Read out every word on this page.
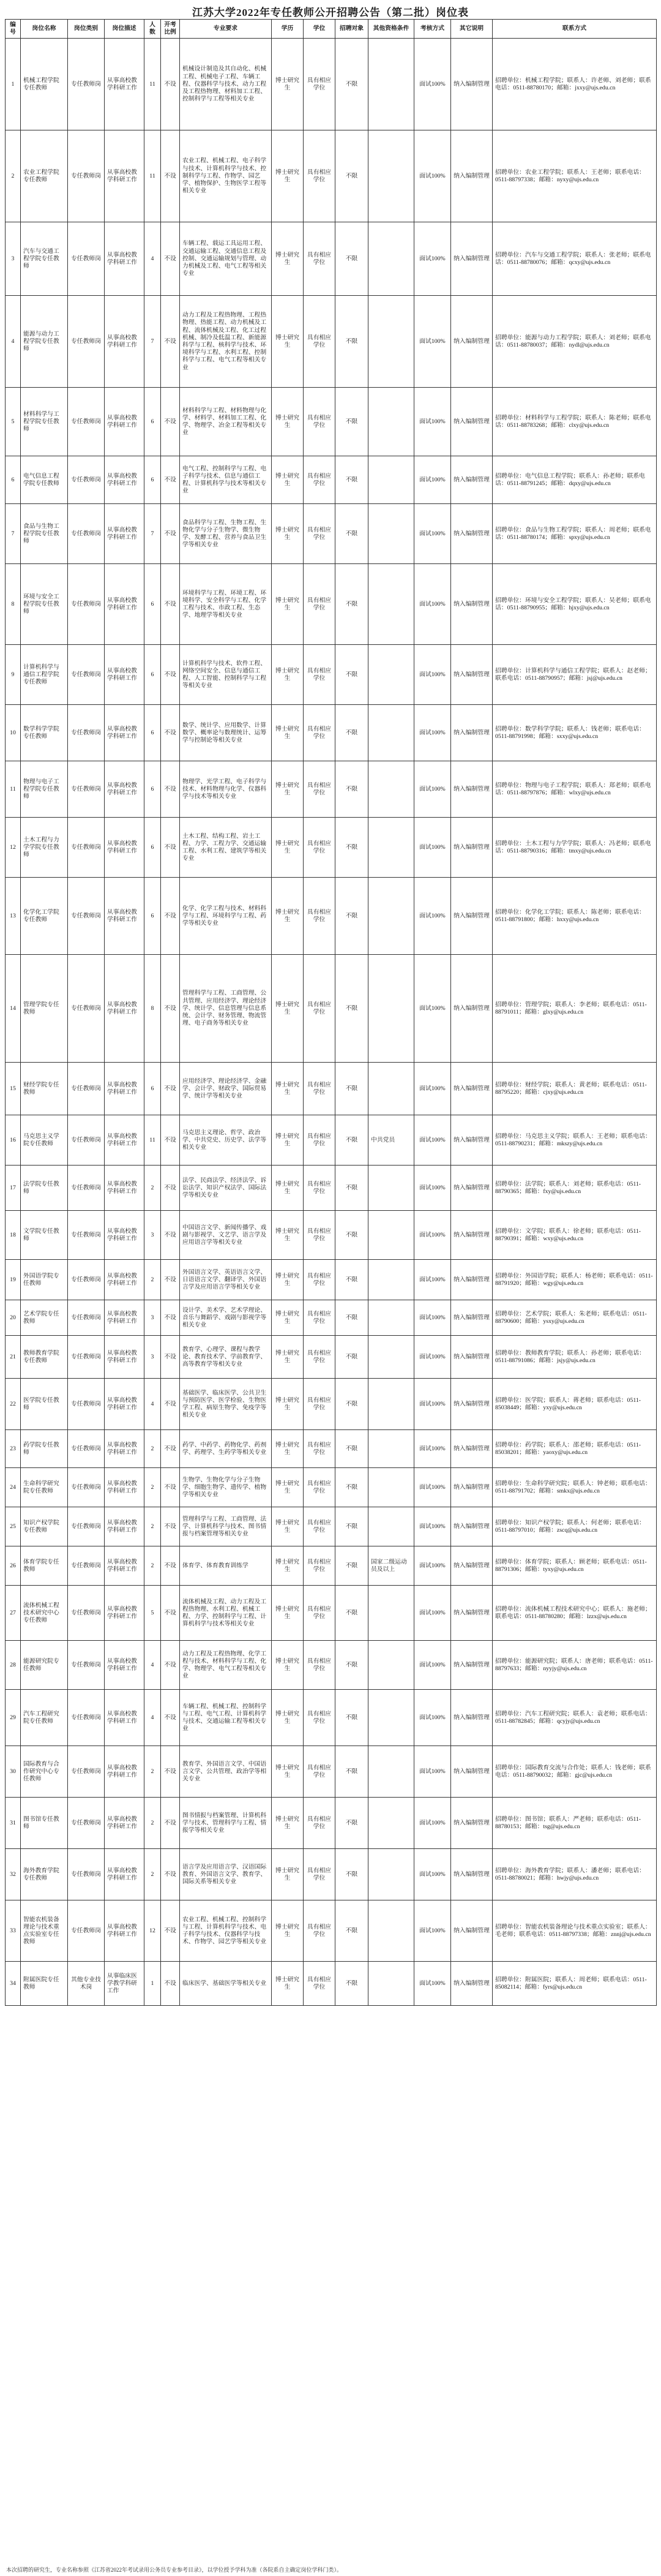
江苏大学2022年专任教师公开招聘公告（第二批）岗位表
编号	岗位名称	岗位类别	岗位描述	人数	开考比例	专业要求	学历	学位	招聘对象	其他资格条件	考核方式	其它说明	联系方式
1	机械工程学院专任教师	专任教师岗	从事高校教学科研工作	11	不设	机械设计制造及其自动化、机械工程、机械电子工程、车辆工程、仪器科学与技术、动力工程及工程热物理、材料加工工程、控制科学与工程等相关专业	博士研究生	具有相应学位	不限		面试100%	纳入编制管理	招聘单位：机械工程学院；联系人：许老师、刘老师；联系电话：0511-88780170；邮箱：jxxy@ujs.edu.cn
2	农业工程学院专任教师	专任教师岗	从事高校教学科研工作	11	不设	农业工程、机械工程、电子科学与技术、计算机科学与技术、控制科学与工程、作物学、园艺学、植物保护、生物医学工程等相关专业	博士研究生	具有相应学位	不限		面试100%	纳入编制管理	招聘单位：农业工程学院；联系人：王老师；联系电话：0511-88797338；邮箱：nyxy@ujs.edu.cn
3	汽车与交通工程学院专任教师	专任教师岗	从事高校教学科研工作	4	不设	车辆工程、载运工具运用工程、交通运输工程、交通信息工程及控制、交通运输规划与管理、动力机械及工程、电气工程等相关专业	博士研究生	具有相应学位	不限		面试100%	纳入编制管理	招聘单位：汽车与交通工程学院；联系人：张老师；联系电话：0511-88780076；邮箱：qcxy@ujs.edu.cn
4	能源与动力工程学院专任教师	专任教师岗	从事高校教学科研工作	7	不设	动力工程及工程热物理、工程热物理、热能工程、动力机械及工程、流体机械及工程、化工过程机械、制冷及低温工程、新能源科学与工程、核科学与技术、环境科学与工程、水利工程、控制科学与工程、电气工程等相关专业	博士研究生	具有相应学位	不限		面试100%	纳入编制管理	招聘单位：能源与动力工程学院；联系人：刘老师；联系电话：0511-88780037；邮箱：nydl@ujs.edu.cn
5	材料科学与工程学院专任教师	专任教师岗	从事高校教学科研工作	6	不设	材料科学与工程、材料物理与化学、材料学、材料加工工程、化学、物理学、冶金工程等相关专业	博士研究生	具有相应学位	不限		面试100%	纳入编制管理	招聘单位：材料科学与工程学院；联系人：陈老师；联系电话：0511-88783268；邮箱：clxy@ujs.edu.cn
6	电气信息工程学院专任教师	专任教师岗	从事高校教学科研工作	6	不设	电气工程、控制科学与工程、电子科学与技术、信息与通信工程、计算机科学与技术等相关专业	博士研究生	具有相应学位	不限		面试100%	纳入编制管理	招聘单位：电气信息工程学院；联系人：孙老师；联系电话：0511-88791245；邮箱：dqxy@ujs.edu.cn
7	食品与生物工程学院专任教师	专任教师岗	从事高校教学科研工作	7	不设	食品科学与工程、生物工程、生物化学与分子生物学、微生物学、发酵工程、营养与食品卫生学等相关专业	博士研究生	具有相应学位	不限		面试100%	纳入编制管理	招聘单位：食品与生物工程学院；联系人：周老师；联系电话：0511-88780174；邮箱：spxy@ujs.edu.cn
8	环境与安全工程学院专任教师	专任教师岗	从事高校教学科研工作	6	不设	环境科学与工程、环境工程、环境科学、安全科学与工程、化学工程与技术、市政工程、生态学、地理学等相关专业	博士研究生	具有相应学位	不限		面试100%	纳入编制管理	招聘单位：环境与安全工程学院；联系人：吴老师；联系电话：0511-88790955；邮箱：hjxy@ujs.edu.cn
9	计算机科学与通信工程学院专任教师	专任教师岗	从事高校教学科研工作	6	不设	计算机科学与技术、软件工程、网络空间安全、信息与通信工程、人工智能、控制科学与工程等相关专业	博士研究生	具有相应学位	不限		面试100%	纳入编制管理	招聘单位：计算机科学与通信工程学院；联系人：赵老师；联系电话：0511-88790957；邮箱：jsj@ujs.edu.cn
10	数学科学学院专任教师	专任教师岗	从事高校教学科研工作	6	不设	数学、统计学、应用数学、计算数学、概率论与数理统计、运筹学与控制论等相关专业	博士研究生	具有相应学位	不限		面试100%	纳入编制管理	招聘单位：数学科学学院；联系人：钱老师；联系电话：0511-88791998；邮箱：sxxy@ujs.edu.cn
11	物理与电子工程学院专任教师	专任教师岗	从事高校教学科研工作	6	不设	物理学、光学工程、电子科学与技术、材料物理与化学、仪器科学与技术等相关专业	博士研究生	具有相应学位	不限		面试100%	纳入编制管理	招聘单位：物理与电子工程学院；联系人：郑老师；联系电话：0511-88797876；邮箱：wlxy@ujs.edu.cn
12	土木工程与力学学院专任教师	专任教师岗	从事高校教学科研工作	6	不设	土木工程、结构工程、岩土工程、力学、工程力学、交通运输工程、水利工程、建筑学等相关专业	博士研究生	具有相应学位	不限		面试100%	纳入编制管理	招聘单位：土木工程与力学学院；联系人：冯老师；联系电话：0511-88790316；邮箱：tmxy@ujs.edu.cn
13	化学化工学院专任教师	专任教师岗	从事高校教学科研工作	6	不设	化学、化学工程与技术、材料科学与工程、环境科学与工程、药学等相关专业	博士研究生	具有相应学位	不限		面试100%	纳入编制管理	招聘单位：化学化工学院；联系人：陈老师；联系电话：0511-88791800；邮箱：hxxy@ujs.edu.cn
14	管理学院专任教师	专任教师岗	从事高校教学科研工作	8	不设	管理科学与工程、工商管理、公共管理、应用经济学、理论经济学、统计学、信息管理与信息系统、会计学、财务管理、物流管理、电子商务等相关专业	博士研究生	具有相应学位	不限		面试100%	纳入编制管理	招聘单位：管理学院；联系人：李老师；联系电话：0511-88791011；邮箱：glxy@ujs.edu.cn
15	财经学院专任教师	专任教师岗	从事高校教学科研工作	6	不设	应用经济学、理论经济学、金融学、会计学、财政学、国际贸易学、统计学等相关专业	博士研究生	具有相应学位	不限		面试100%	纳入编制管理	招聘单位：财经学院；联系人：黄老师；联系电话：0511-88795220；邮箱：cjxy@ujs.edu.cn
16	马克思主义学院专任教师	专任教师岗	从事高校教学科研工作	11	不设	马克思主义理论、哲学、政治学、中共党史、历史学、法学等相关专业	博士研究生	具有相应学位	不限	中共党员	面试100%	纳入编制管理	招聘单位：马克思主义学院；联系人：王老师；联系电话：0511-88790231；邮箱：mkszy@ujs.edu.cn
17	法学院专任教师	专任教师岗	从事高校教学科研工作	2	不设	法学、民商法学、经济法学、诉讼法学、知识产权法学、国际法学等相关专业	博士研究生	具有相应学位	不限		面试100%	纳入编制管理	招聘单位：法学院；联系人：刘老师；联系电话：0511-88790365；邮箱：fxy@ujs.edu.cn
18	文学院专任教师	专任教师岗	从事高校教学科研工作	3	不设	中国语言文学、新闻传播学、戏剧与影视学、文艺学、语言学及应用语言学等相关专业	博士研究生	具有相应学位	不限		面试100%	纳入编制管理	招聘单位：文学院；联系人：徐老师；联系电话：0511-88790391；邮箱：wxy@ujs.edu.cn
19	外国语学院专任教师	专任教师岗	从事高校教学科研工作	2	不设	外国语言文学、英语语言文学、日语语言文学、翻译学、外国语言学及应用语言学等相关专业	博士研究生	具有相应学位	不限		面试100%	纳入编制管理	招聘单位：外国语学院；联系人：杨老师；联系电话：0511-88791920；邮箱：wgy@ujs.edu.cn
20	艺术学院专任教师	专任教师岗	从事高校教学科研工作	3	不设	设计学、美术学、艺术学理论、音乐与舞蹈学、戏剧与影视学等相关专业	博士研究生	具有相应学位	不限		面试100%	纳入编制管理	招聘单位：艺术学院；联系人：朱老师；联系电话：0511-88790600；邮箱：ysxy@ujs.edu.cn
21	教师教育学院专任教师	专任教师岗	从事高校教学科研工作	3	不设	教育学、心理学、课程与教学论、教育技术学、学前教育学、高等教育学等相关专业	博士研究生	具有相应学位	不限		面试100%	纳入编制管理	招聘单位：教师教育学院；联系人：孙老师；联系电话：0511-88791086；邮箱：jsjy@ujs.edu.cn
22	医学院专任教师	专任教师岗	从事高校教学科研工作	4	不设	基础医学、临床医学、公共卫生与预防医学、医学检验、生物医学工程、病原生物学、免疫学等相关专业	博士研究生	具有相应学位	不限		面试100%	纳入编制管理	招聘单位：医学院；联系人：蒋老师；联系电话：0511-85038449；邮箱：yxy@ujs.edu.cn
23	药学院专任教师	专任教师岗	从事高校教学科研工作	2	不设	药学、中药学、药物化学、药剂学、药理学、生药学等相关专业	博士研究生	具有相应学位	不限		面试100%	纳入编制管理	招聘单位：药学院；联系人：邵老师；联系电话：0511-85038201；邮箱：yaoxy@ujs.edu.cn
24	生命科学研究院专任教师	专任教师岗	从事高校教学科研工作	2	不设	生物学、生物化学与分子生物学、细胞生物学、遗传学、植物学等相关专业	博士研究生	具有相应学位	不限		面试100%	纳入编制管理	招聘单位：生命科学研究院；联系人：钟老师；联系电话：0511-88791702；邮箱：smkx@ujs.edu.cn
25	知识产权学院专任教师	专任教师岗	从事高校教学科研工作	2	不设	管理科学与工程、工商管理、法学、计算机科学与技术、图书情报与档案管理等相关专业	博士研究生	具有相应学位	不限		面试100%	纳入编制管理	招聘单位：知识产权学院；联系人：何老师；联系电话：0511-88797010；邮箱：zscq@ujs.edu.cn
26	体育学院专任教师	专任教师岗	从事高校教学科研工作	2	不设	体育学、体育教育训练学	博士研究生	具有相应学位	不限	国家二级运动员及以上	面试100%	纳入编制管理	招聘单位：体育学院；联系人：顾老师；联系电话：0511-88791306；邮箱：tyxy@ujs.edu.cn
27	流体机械工程技术研究中心专任教师	专任教师岗	从事高校教学科研工作	5	不设	流体机械及工程、动力工程及工程热物理、水利工程、机械工程、力学、控制科学与工程、计算机科学与技术等相关专业	博士研究生	具有相应学位	不限		面试100%	纳入编制管理	招聘单位：流体机械工程技术研究中心；联系人：施老师；联系电话：0511-88780280；邮箱：lzzx@ujs.edu.cn
28	能源研究院专任教师	专任教师岗	从事高校教学科研工作	4	不设	动力工程及工程热物理、化学工程与技术、材料科学与工程、化学、物理学、电气工程等相关专业	博士研究生	具有相应学位	不限		面试100%	纳入编制管理	招聘单位：能源研究院；联系人：唐老师；联系电话：0511-88797633；邮箱：nyyjy@ujs.edu.cn
29	汽车工程研究院专任教师	专任教师岗	从事高校教学科研工作	4	不设	车辆工程、机械工程、控制科学与工程、电气工程、计算机科学与技术、交通运输工程等相关专业	博士研究生	具有相应学位	不限		面试100%	纳入编制管理	招聘单位：汽车工程研究院；联系人：袁老师；联系电话：0511-88782845；邮箱：qcyjy@ujs.edu.cn
30	国际教育与合作研究中心专任教师	专任教师岗	从事高校教学科研工作	2	不设	教育学、外国语言文学、中国语言文学、公共管理、政治学等相关专业	博士研究生	具有相应学位	不限		面试100%	纳入编制管理	招聘单位：国际教育交流与合作处；联系人：钱老师；联系电话：0511-88790032；邮箱：gjc@ujs.edu.cn
31	图书馆专任教师	专任教师岗	从事高校教学科研工作	2	不设	图书情报与档案管理、计算机科学与技术、管理科学与工程、情报学等相关专业	博士研究生	具有相应学位	不限		面试100%	纳入编制管理	招聘单位：图书馆；联系人：严老师；联系电话：0511-88780153；邮箱：tsg@ujs.edu.cn
32	海外教育学院专任教师	专任教师岗	从事高校教学科研工作	2	不设	语言学及应用语言学、汉语国际教育、外国语言文学、教育学、国际关系等相关专业	博士研究生	具有相应学位	不限		面试100%	纳入编制管理	招聘单位：海外教育学院；联系人：潘老师；联系电话：0511-88780021；邮箱：hwjy@ujs.edu.cn
33	智能农机装备理论与技术重点实验室专任教师	专任教师岗	从事高校教学科研工作	12	不设	农业工程、机械工程、控制科学与工程、计算机科学与技术、电子科学与技术、仪器科学与技术、作物学、园艺学等相关专业	博士研究生	具有相应学位	不限		面试100%	纳入编制管理	招聘单位：智能农机装备理论与技术重点实验室；联系人：毛老师；联系电话：0511-88797338；邮箱：znnj@ujs.edu.cn
34	附属医院专任教师	其他专业技术岗	从事临床医学教学科研工作	1	不设	临床医学、基础医学等相关专业	博士研究生	具有相应学位	不限		面试100%	纳入编制管理	招聘单位：附属医院；联系人：周老师；联系电话：0511-85082114；邮箱：fyrs@ujs.edu.cn
本次招聘的研究生，专业名称参照《江苏省2022年考试录用公务员专业参考目录》，以学位授予学科为准（各院系自主确定岗位学科门类）。
